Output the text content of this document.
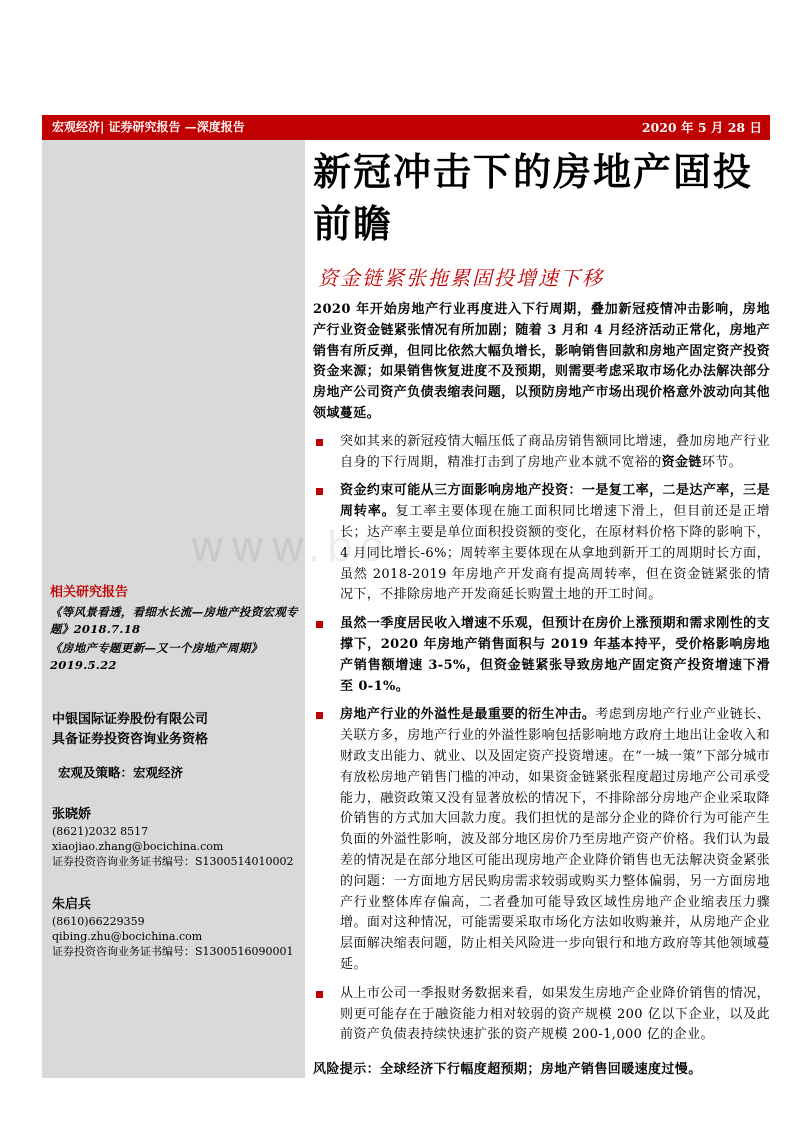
宏观经济| 证券研究报告 —深度报告	2020 年 5 月 28 日
相关研究报告
《等风景看透，看细水长流—房地产投资宏观专题》2018.7.18
《房地产专题更新—又一个房地产周期》2019.5.22
中银国际证券股份有限公司
具备证券投资咨询业务资格
宏观及策略：宏观经济
张晓娇
(8621)2032 8517
xiaojiao.zhang@bocichina.com
证券投资咨询业务证书编号：S1300514010002
朱启兵
(8610)66229359
qibing.zhu@bocichina.com
证券投资咨询业务证书编号：S1300516090001
新冠冲击下的房地产固投
前瞻
资金链紧张拖累固投增速下移

2020 年开始房地产行业再度进入下行周期，叠加新冠疫情冲击影响，房地产行业资金链紧张情况有所加剧；随着 3 月和 4 月经济活动正常化，房地产销售有所反弹，但同比依然大幅负增长，影响销售回款和房地产固定资产投资资金来源；如果销售恢复进度不及预期，则需要考虑采取市场化办法解决部分房地产公司资产负债表缩表问题，以预防房地产市场出现价格意外波动向其他领域蔓延。

突如其来的新冠疫情大幅压低了商品房销售额同比增速，叠加房地产行业自身的下行周期，精准打击到了房地产业本就不宽裕的资金链环节。
资金约束可能从三方面影响房地产投资：一是复工率，二是达产率，三是周转率。复工率主要体现在施工面积同比增速下滑上，但目前还是正增长；达产率主要是单位面积投资额的变化，在原材料价格下降的影响下，4 月同比增长-6%；周转率主要体现在从拿地到新开工的周期时长方面，虽然 2018-2019 年房地产开发商有提高周转率，但在资金链紧张的情况下，不排除房地产开发商延长购置土地的开工时间。
虽然一季度居民收入增速不乐观，但预计在房价上涨预期和需求刚性的支撑下，2020 年房地产销售面积与 2019 年基本持平，受价格影响房地产销售额增速 3-5%，但资金链紧张导致房地产固定资产投资增速下滑至 0-1%。
房地产行业的外溢性是最重要的衍生冲击。考虑到房地产行业产业链长、关联方多，房地产行业的外溢性影响包括影响地方政府土地出让金收入和财政支出能力、就业、以及固定资产投资增速。在“一城一策”下部分城市有放松房地产销售门槛的冲动，如果资金链紧张程度超过房地产公司承受能力，融资政策又没有显著放松的情况下，不排除部分房地产企业采取降价销售的方式加大回款力度。我们担忧的是部分企业的降价行为可能产生负面的外溢性影响，波及部分地区房价乃至房地产资产价格。我们认为最差的情况是在部分地区可能出现房地产企业降价销售也无法解决资金紧张的问题：一方面地方居民购房需求较弱或购买力整体偏弱，另一方面房地产行业整体库存偏高，二者叠加可能导致区域性房地产企业缩表压力骤增。面对这种情况，可能需要采取市场化方法如收购兼并，从房地产企业层面解决缩表问题，防止相关风险进一步向银行和地方政府等其他领域蔓延。
从上市公司一季报财务数据来看，如果发生房地产企业降价销售的情况，则更可能存在于融资能力相对较弱的资产规模 200 亿以下企业，以及此前资产负债表持续快速扩张的资产规模 200-1,000 亿的企业。
风险提示：全球经济下行幅度超预期；房地产销售回暖速度过慢。
